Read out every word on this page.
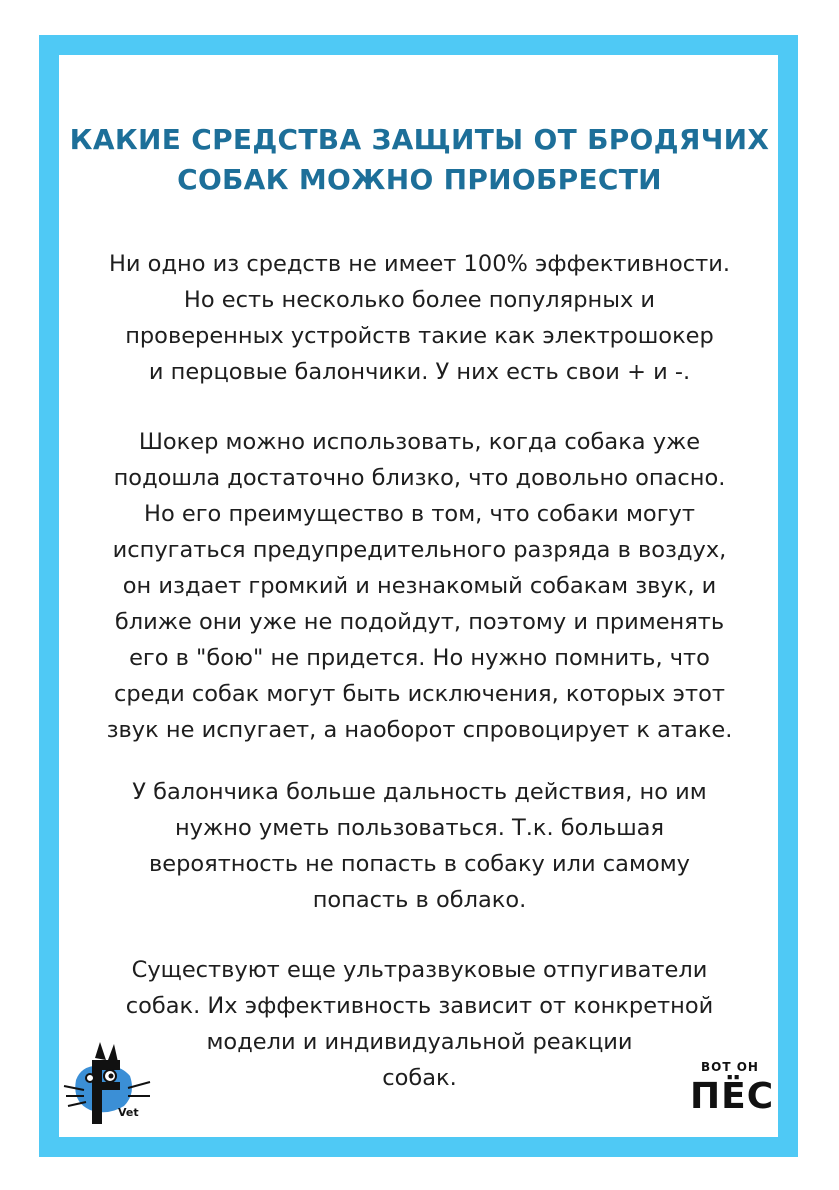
КАКИЕ СРЕДСТВА ЗАЩИТЫ ОТ БРОДЯЧИХ
СОБАК МОЖНО ПРИОБРЕСТИ
Ни одно из средств не имеет 100% эффективности.
Но есть несколько более популярных и
проверенных устройств такие как электрошокер
и перцовые балончики. У них есть свои + и -.
Шокер можно использовать, когда собака уже
подошла достаточно близко, что довольно опасно.
Но его преимущество в том, что собаки могут
испугаться предупредительного разряда в воздух,
он издает громкий и незнакомый собакам звук, и
ближе они уже не подойдут, поэтому и применять
его в "бою" не придется. Но нужно помнить, что
среди собак могут быть исключения, которых этот
звук не испугает, а наоборот спровоцирует к атаке.
У балончика больше дальность действия, но им
нужно уметь пользоваться. Т.к. большая
вероятность не попасть в собаку или самому
попасть в облако.
Существуют еще ультразвуковые отпугиватели
собак. Их эффективность зависит от конкретной
модели и индивидуальной реакции
собак.
Vet
ВОТ ОН
ПЁС
